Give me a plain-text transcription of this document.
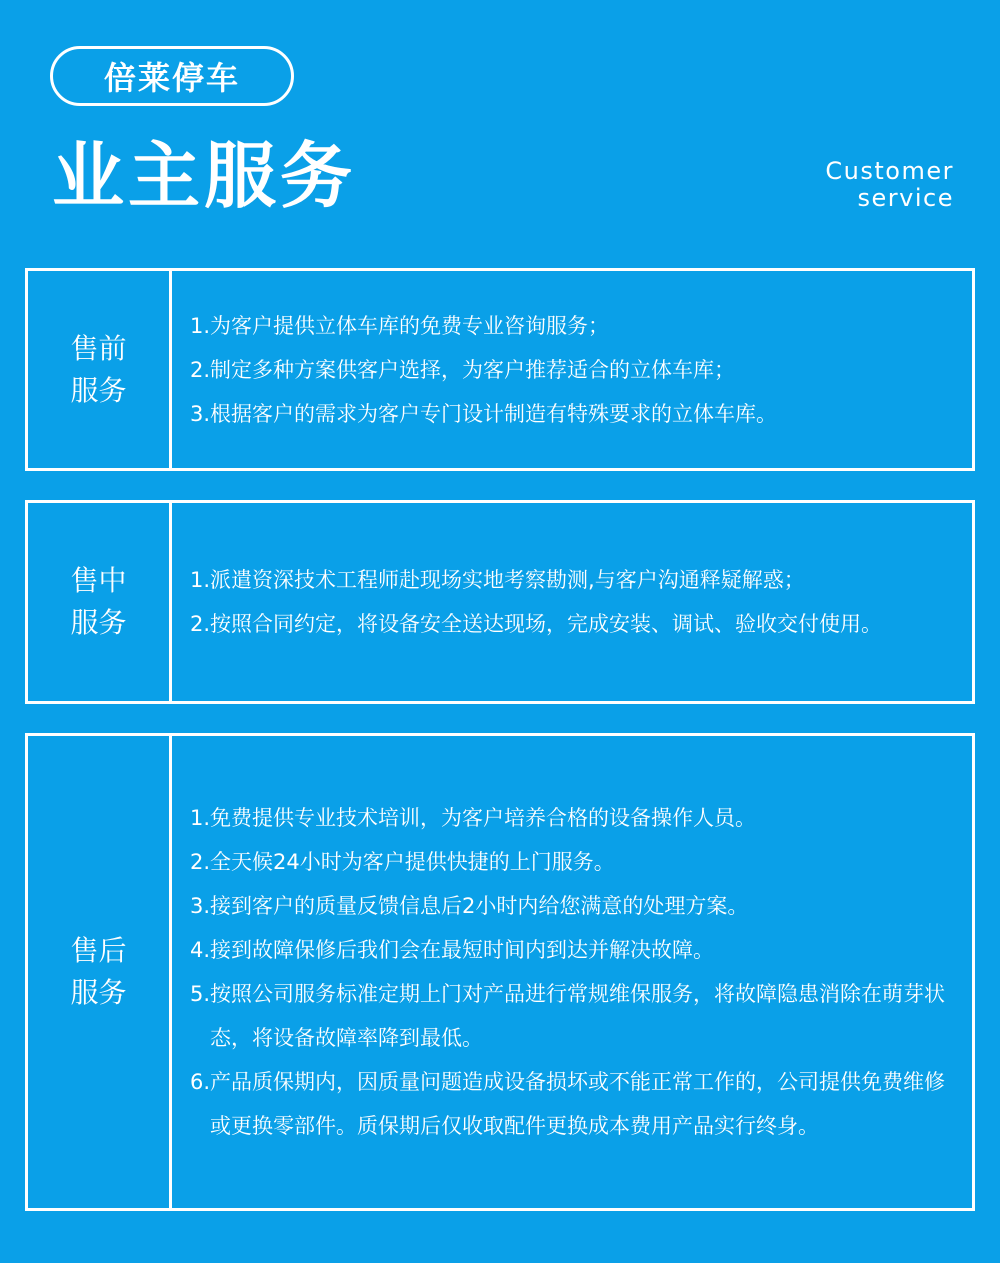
倍莱停车
业主服务	Customer
service
售前
服务
1. 为客户提供立体车库的免费专业咨询服务；
2. 制定多种方案供客户选择，为客户推荐适合的立体车库；
3. 根据客户的需求为客户专门设计制造有特殊要求的立体车库。
售中
服务
1. 派遣资深技术工程师赴现场实地考察勘测,与客户沟通释疑解惑；
2. 按照合同约定，将设备安全送达现场，完成安装、调试、验收交付使用。
售后
服务
1. 免费提供专业技术培训，为客户培养合格的设备操作人员。
2. 全天候24小时为客户提供快捷的上门服务。
3. 接到客户的质量反馈信息后2小时内给您满意的处理方案。
4. 接到故障保修后我们会在最短时间内到达并解决故障。
5. 按照公司服务标准定期上门对产品进行常规维保服务，将故障隐患消除在萌芽状态，将设备故障率降到最低。
6. 产品质保期内，因质量问题造成设备损坏或不能正常工作的，公司提供免费维修或更换零部件。质保期后仅收取配件更换成本费用产品实行终身。
